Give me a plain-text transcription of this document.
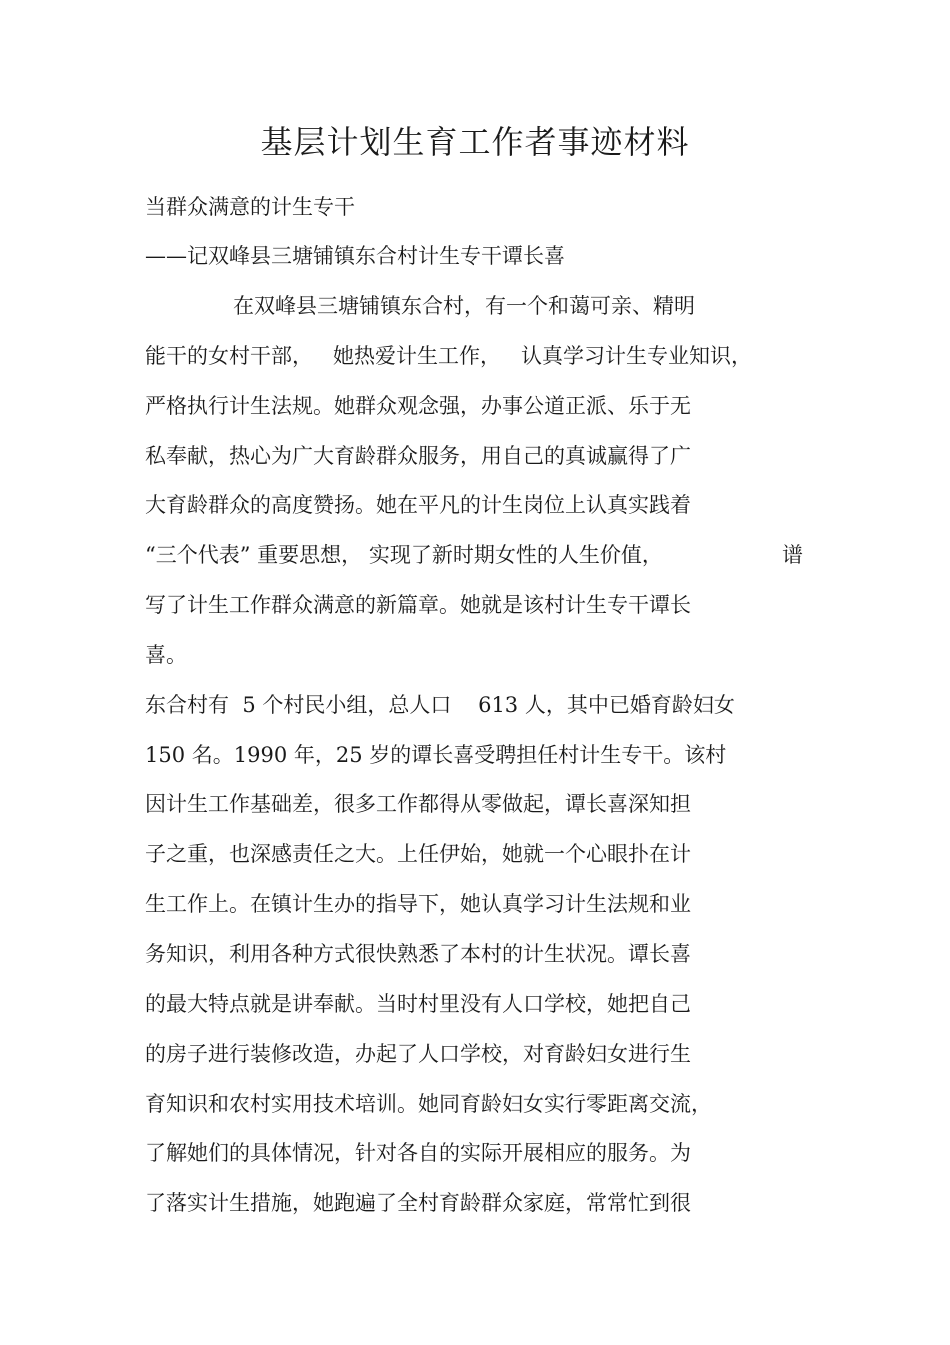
基层计划生育工作者事迹材料
当群众满意的计生专干
——记双峰县三塘铺镇东合村计生专干谭长喜
在双峰县三塘铺镇东合村，有一个和蔼可亲、精明
能干的女村干部，   她热爱计生工作，   认真学习计生专业知识，
严格执行计生法规。她群众观念强，办事公道正派、乐于无
私奉献，热心为广大育龄群众服务，用自己的真诚赢得了广
大育龄群众的高度赞扬。她在平凡的计生岗位上认真实践着
“三个代表” 重要思想， 实现了新时期女性的人生价值，	谱
写了计生工作群众满意的新篇章。她就是该村计生专干谭长
喜。
东合村有  5 个村民小组，总人口    613 人，其中已婚育龄妇女
150 名。1990 年，25 岁的谭长喜受聘担任村计生专干。该村
因计生工作基础差，很多工作都得从零做起，谭长喜深知担
子之重，也深感责任之大。上任伊始，她就一个心眼扑在计
生工作上。在镇计生办的指导下，她认真学习计生法规和业
务知识，利用各种方式很快熟悉了本村的计生状况。谭长喜
的最大特点就是讲奉献。当时村里没有人口学校，她把自己
的房子进行装修改造，办起了人口学校，对育龄妇女进行生
育知识和农村实用技术培训。她同育龄妇女实行零距离交流，
了解她们的具体情况，针对各自的实际开展相应的服务。为
了落实计生措施，她跑遍了全村育龄群众家庭，常常忙到很
